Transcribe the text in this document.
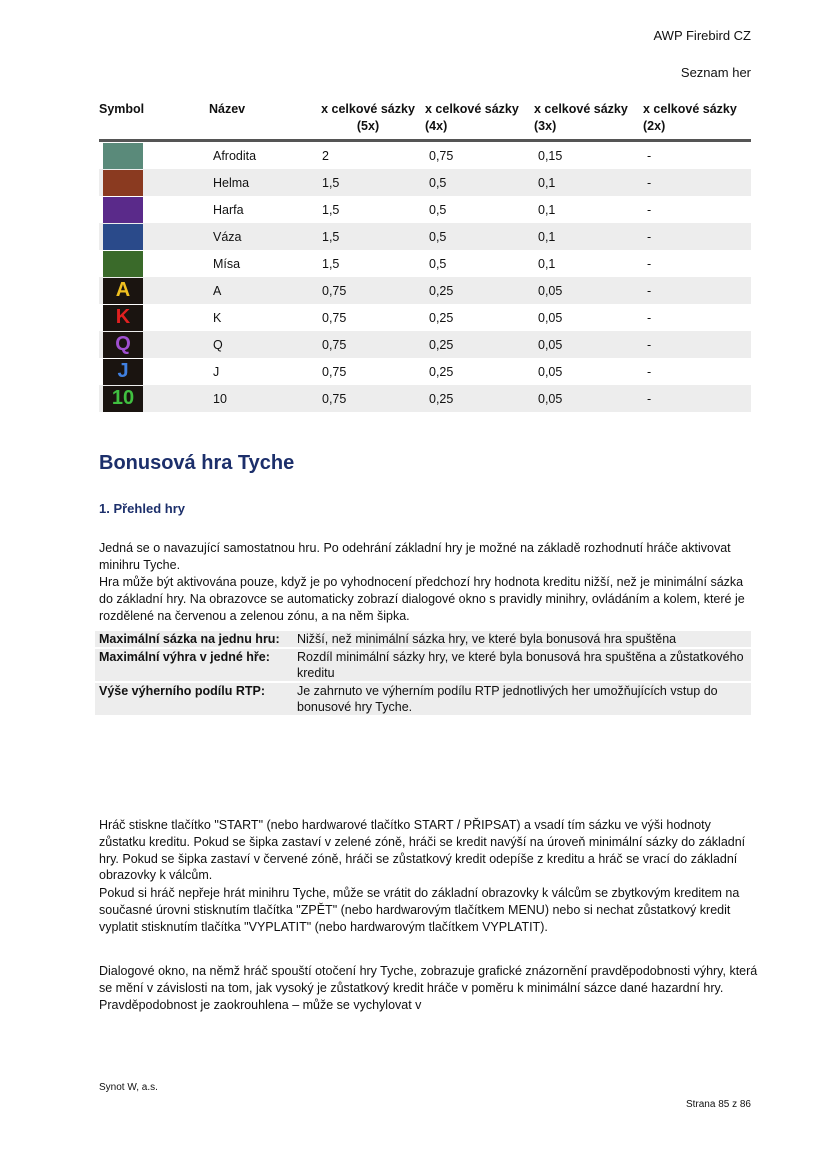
AWP Firebird CZ
Seznam her
Symbol	Název	x celkové sázky (5x)	x celkové sázky (4x)	x celkové sázky (3x)	x celkové sázky (2x)

	Afrodita	2	0,75	0,15	-

	Helma	1,5	0,5	0,1	-

	Harfa	1,5	0,5	0,1	-

	Váza	1,5	0,5	0,1	-

	Mísa	1,5	0,5	0,1	-

A	A	0,75	0,25	0,05	-

K	K	0,75	0,25	0,05	-

Q	Q	0,75	0,25	0,05	-

J	J	0,75	0,25	0,05	-

10	10	0,75	0,25	0,05	-
Bonusová hra Tyche
1. Přehled hry

Jedná se o navazující samostatnou hru. Po odehrání základní hry je možné na základě rozhodnutí hráče aktivovat minihru Tyche.

Hra může být aktivována pouze, když je po vyhodnocení předchozí hry hodnota kreditu nižší, než je minimální sázka do základní hry. Na obrazovce se automaticky zobrazí dialogové okno s pravidly minihry, ovládáním a kolem, které je rozdělené na červenou a zelenou zónu, a na něm šipka.

Maximální sázka na jednu hru:	Nižší, než minimální sázka hry, ve které byla bonusová hra spuštěna
Maximální výhra v jedné hře:	Rozdíl minimální sázky hry, ve které byla bonusová hra spuštěna a zůstatkového kreditu
Výše výherního podílu RTP:	Je zahrnuto ve výherním podílu RTP jednotlivých her umožňujících vstup do bonusové hry Tyche.

Hráč stiskne tlačítko "START" (nebo hardwarové tlačítko START / PŘIPSAT) a vsadí tím sázku ve výši hodnoty zůstatku kreditu. Pokud se šipka zastaví v zelené zóně, hráči se kredit navýší na úroveň minimální sázky do základní hry. Pokud se šipka zastaví v červené zóně, hráči se zůstatkový kredit odepíše z kreditu a hráč se vrací do základní obrazovky k válcům.

Pokud si hráč nepřeje hrát minihru Tyche, může se vrátit do základní obrazovky k válcům se zbytkovým kreditem na současné úrovni stisknutím tlačítka "ZPĚT" (nebo hardwarovým tlačítkem MENU) nebo si nechat zůstatkový kredit vyplatit stisknutím tlačítka "VYPLATIT" (nebo hardwarovým tlačítkem VYPLATIT).

Dialogové okno, na němž hráč spouští otočení hry Tyche, zobrazuje grafické znázornění pravděpodobnosti výhry, která se mění v závislosti na tom, jak vysoký je zůstatkový kredit hráče v poměru k minimální sázce dané hazardní hry. Pravděpodobnost je zaokrouhlena – může se vychylovat v

Synot W, a.s.
Strana 85 z 86
